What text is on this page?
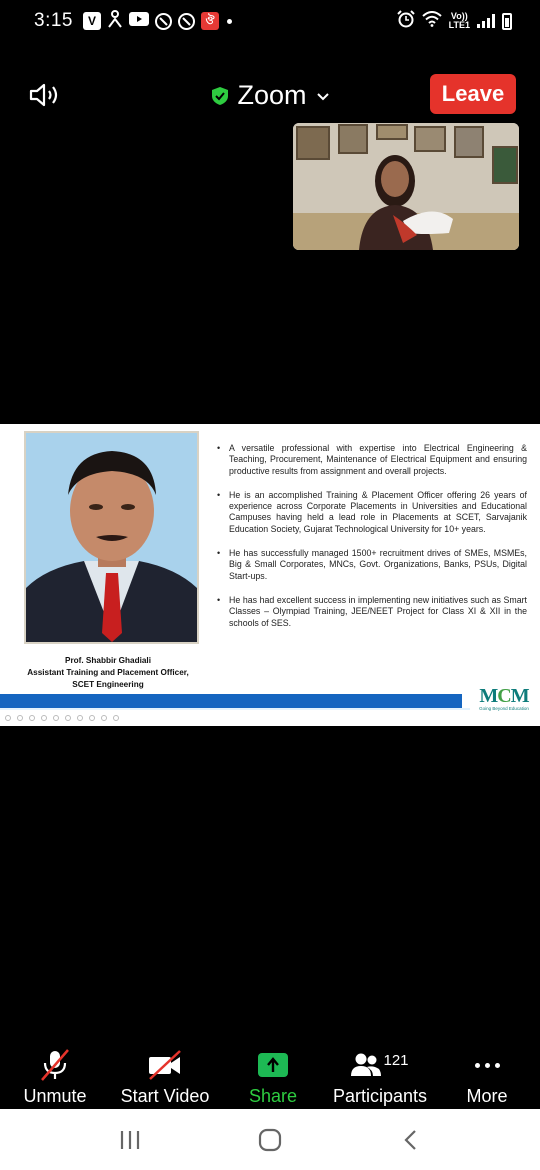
3:15	V	ঔ	Vo))
LTE1
Zoom	Leave
Prof. Shabbir Ghadiali
Assistant Training and Placement Officer,
SCET Engineering
• A versatile professional with expertise into Electrical Engineering & Teaching, Procurement, Maintenance of Electrical Equipment and ensuring productive results from assignment and overall projects.
• He is an accomplished Training & Placement Officer offering 26 years of experience across Corporate Placements in Universities and Educational Campuses having held a lead role in Placements at SCET, Sarvajanik Education Society, Gujarat Technological University for 10+ years.
• He has successfully managed 1500+ recruitment drives of SMEs, MSMEs, Big & Small Corporates, MNCs, Govt. Organizations, Banks, PSUs, Digital Start-ups.
• He has had excellent success in implementing new initiatives such as Smart Classes – Olympiad Training, JEE/NEET Project for Class XI & XII in the schools of SES.
MCM
Going Beyond Education
Unmute Start Video Share
121
Participants More
